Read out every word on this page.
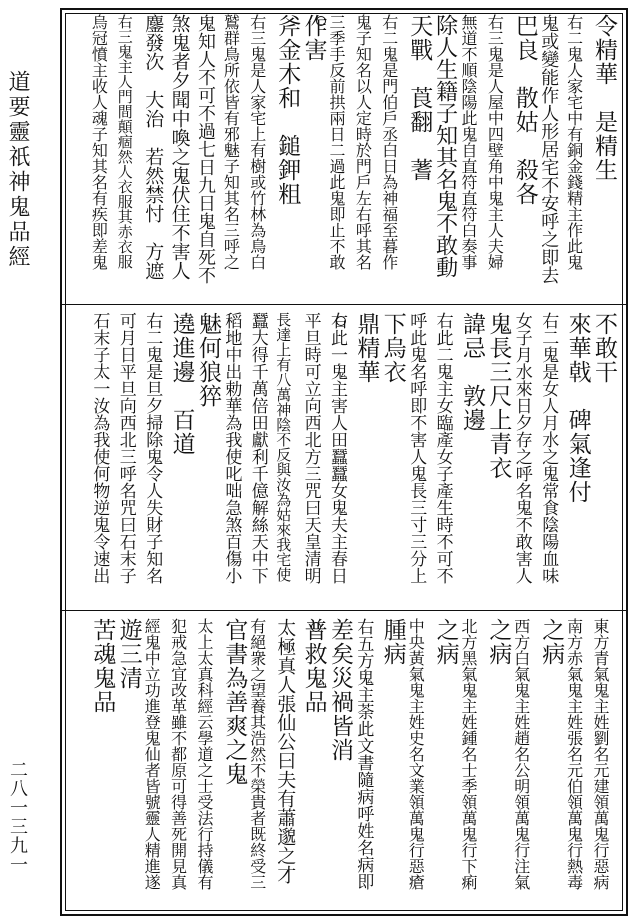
道要靈祇神鬼品經
二八一三九一
令精華　是精生
右二鬼人家宅中有銅金錢精主作此鬼
鬼或變能作人形居宅不安呼之即去
巴良　散姑　殺各
右三鬼是人屋中四壁角中鬼主人夫婦
無道不順陰陽此鬼自直符直符白奏事
除人生籍子知其名鬼不敢動
天戰　莨翻　蓍
右二鬼是門伯戶丞白日為神福至暮作
鬼子知名以人定時於門戶左右呼其名
三季手反前拱兩日二過此鬼即止不敢
作害
斧金木和　鎚鉀粗
右三鬼是人家宅上有樹或竹林為鳥白
鷲群鳥所依皆有邪魅子知其名三呼之
鬼知人不可不過七日九日鬼自死不
煞鬼者夕聞中喚之鬼伏住不害人
鏖發次　大治　若然禁忖　方遮
右三鬼主人門間顛痼然人衣服其赤衣服
烏冠憤主收人魂子知其名有疾即差鬼
不敢干
來華戟　碑氣逢付
右二鬼是女人月水之鬼常食陰陽血味
女子月水來日夕存之呼名鬼不敢害人
鬼長三尺上青衣
諱忌　敦邊
右此二鬼主女臨產女子產生時不可不
呼此鬼名呼即不害人鬼長三寸三分上
下烏衣
鼎精華
右此一鬼主害人田蠶蠶女鬼夫主春日
平旦時可立向西北方三咒曰天皇清明
長達上有八萬神陰不反與汝為姑來我宅使
蠶大得千萬倍田獻利千億解絲天中下
稻地中出勅華為我使叱咄急煞百傷小
魅何狼猝
遶進邊　百道
右二鬼是旦夕掃除鬼令人失財子知名
可月日平旦向西北三呼名咒曰石末子
石末子太一汝為我使何物逆鬼令速出
東方青氣鬼主姓劉名元建領萬鬼行惡病
南方赤氣鬼主姓張名元伯領萬鬼行熱毒
之病
西方白氣鬼主姓趙名公明領萬鬼行注氣
之病
北方黑氣鬼主姓鍾名士季領萬鬼行下痢
之病
中央黃氣鬼主姓史名文業領萬鬼行惡瘡
腫病
右五方鬼主荼此文書隨病呼姓名病即
差矣災禍皆消
普救鬼品
太極真人張仙公曰夫有蕭邈之才
有絕衆之望養其浩然不榮貴者既終受三
官書為善爽之鬼
太上太真科經云學道之士受法行持儀有
犯戒急宜改革雖不都原可得善死開見真
經鬼中立功進登鬼仙者皆號靈人精進遂
遊三清
苦魂鬼品
